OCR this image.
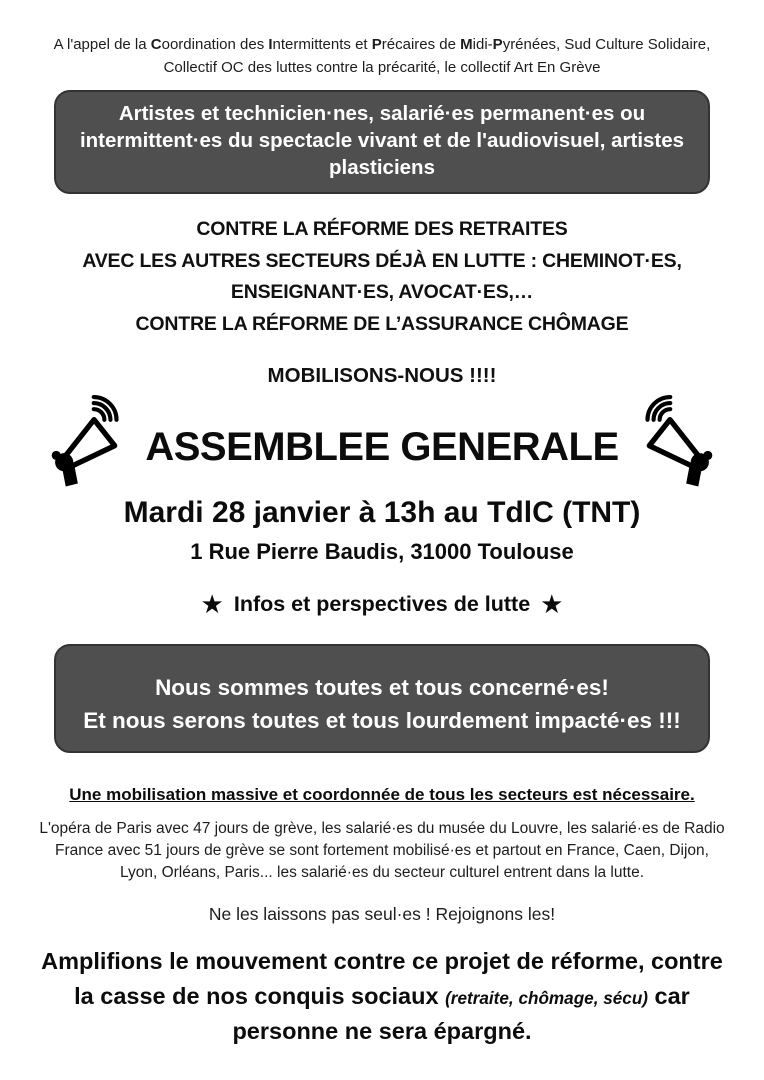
A l'appel de la Coordination des Intermittents et Précaires de Midi-Pyrénées, Sud Culture Solidaire,
Collectif OC des luttes contre la précarité, le collectif Art En Grève
Artistes et technicien·nes, salarié·es permanent·es ou intermittent·es du spectacle vivant et de l'audiovisuel, artistes plasticiens
CONTRE LA RÉFORME DES RETRAITES
AVEC LES AUTRES SECTEURS DÉJÀ EN LUTTE : CHEMINOT·ES,
ENSEIGNANT·ES, AVOCAT·ES,…
CONTRE LA RÉFORME DE L’ASSURANCE CHÔMAGE
MOBILISONS-NOUS !!!!
ASSEMBLEE GENERALE
Mardi 28 janvier à 13h au TdlC (TNT)
1 Rue Pierre Baudis, 31000 Toulouse
★ Infos et perspectives de lutte ★
Nous sommes toutes et tous concerné·es!
Et nous serons toutes et tous lourdement impacté·es !!!
Une mobilisation massive et coordonnée de tous les secteurs est nécessaire.
L'opéra de Paris avec 47 jours de grève, les salarié·es du musée du Louvre, les salarié·es de Radio France avec 51 jours de grève se sont fortement mobilisé·es et partout en France, Caen, Dijon, Lyon, Orléans, Paris... les salarié·es du secteur culturel entrent dans la lutte.
Ne les laissons pas seul·es ! Rejoignons les!
Amplifions le mouvement contre ce projet de réforme, contre la casse de nos conquis sociaux (retraite, chômage, sécu) car personne ne sera épargné.
